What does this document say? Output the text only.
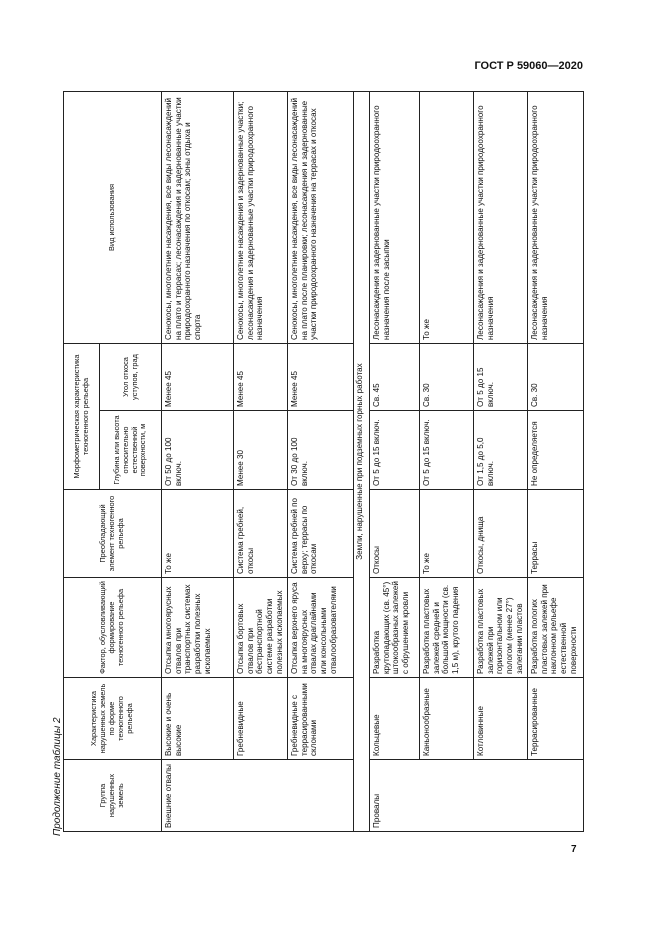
ГОСТ Р 59060—2020
Продолжение таблицы 2
7
Группа нарушенных земель	Характеристика нарушенных земель по форме техногенного рельефа	Фактор, обусловливающий формирование техногенного рельефа	Преобладающий элемент техногенного рельефа	Морфометрическая характеристика техногенного рельефа		Вид использования
				Глубина или высота относительно естественной поверхности, м	Угол откоса уступов, град	
Внешние отвалы	Высокие и очень высокие	Отсыпка многоярусных отвалов при транспортных системах разработки полезных ископаемых	То же	От 50 до 100 включ.	Менее 45	Сенокосы, многолетние насаждения, все виды лесонасаждений на плато и террасах; лесонасаждения и задернованные участки природоохранного назначения по откосам; зоны отдыха и спорта
	Гребневидные	Отсыпка бортовых отвалов при бестранспортной системе разработки полезных ископаемых	Система гребней, откосы	Менее 30	Менее 45	Сенокосы, многолетние насаждения и задернованные участки; лесонасаждения и задернованные участки природоохранного назначения
	Гребневидные с террасированными склонами	Отсыпка верхнего яруса на многоярусных отвалах драглайнами или консольными отвалообразователями	Система гребней по верху; террасы по откосам	От 30 до 100 включ.	Менее 45	Сенокосы, многолетние насаждения, все виды лесонасаждений на плато после планировки; лесонасаждения и задернованные участки природоохранного назначения на террасах и откосах
Земли, нарушенные при подземных горных работах						
Провалы	Кольцевые	Разработка крутопадающих (св. 45°) штокообразных залежей с обрушением кровли	Откосы	От 5 до 15 включ.	Св. 45	Лесонасаждения и задернованные участки природоохранного назначения после засыпки
	Каньонообразные	Разработка пластовых залежей средней и большой мощности (св. 1,5 м), крутого падения	То же	От 5 до 15 включ.	Св. 30	То же
	Котловинные	Разработка пластовых залежей при горизонтальном или пологом (менее 27°) залегании пластов	Откосы, днища	От 1,5 до 5,0 включ.	От 5 до 15 включ.	Лесонасаждения и задернованные участки природоохранного назначения
	Террасированные	Разработка пологих пластовых залежей при наклонном рельефе естественной поверхности	Террасы	Не определяется	Св. 30	Лесонасаждения и задернованные участки природоохранного назначения
